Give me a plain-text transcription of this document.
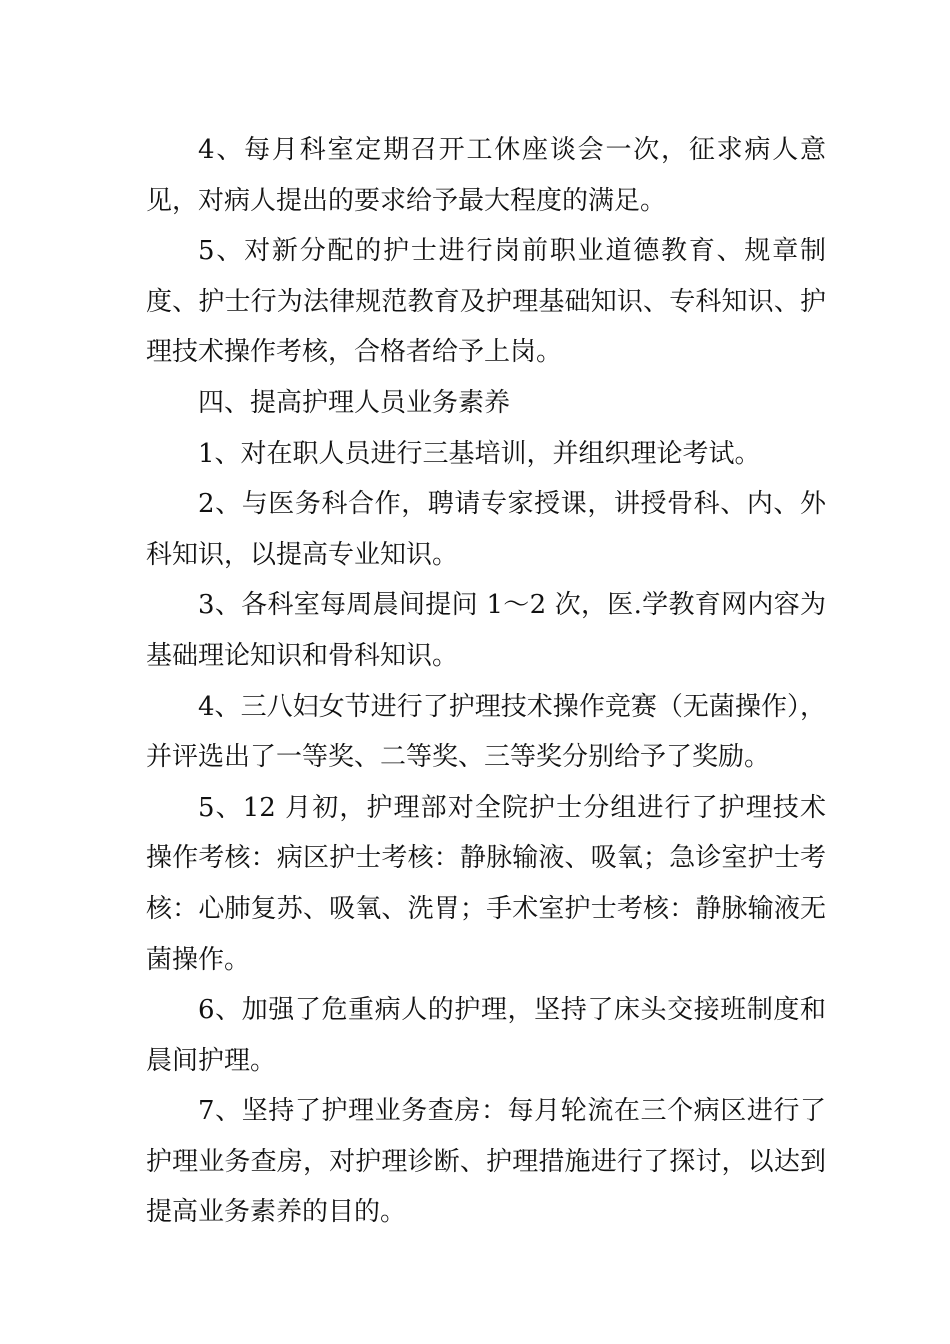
4、每月科室定期召开工休座谈会一次，征求病人意见，对病人提出的要求给予最大程度的满足。

5、对新分配的护士进行岗前职业道德教育、规章制度、护士行为法律规范教育及护理基础知识、专科知识、护理技术操作考核，合格者给予上岗。

四、提高护理人员业务素养

1、对在职人员进行三基培训，并组织理论考试。

2、与医务科合作，聘请专家授课，讲授骨科、内、外科知识，以提高专业知识。

3、各科室每周晨间提问 1～2 次，医.学教育网内容为基础理论知识和骨科知识。

4、三八妇女节进行了护理技术操作竞赛（无菌操作），并评选出了一等奖、二等奖、三等奖分别给予了奖励。

5、12 月初，护理部对全院护士分组进行了护理技术操作考核：病区护士考核：静脉输液、吸氧；急诊室护士考核：心肺复苏、吸氧、洗胃；手术室护士考核：静脉输液无菌操作。

6、加强了危重病人的护理，坚持了床头交接班制度和晨间护理。

7、坚持了护理业务查房：每月轮流在三个病区进行了护理业务查房，对护理诊断、护理措施进行了探讨，以达到提高业务素养的目的。
